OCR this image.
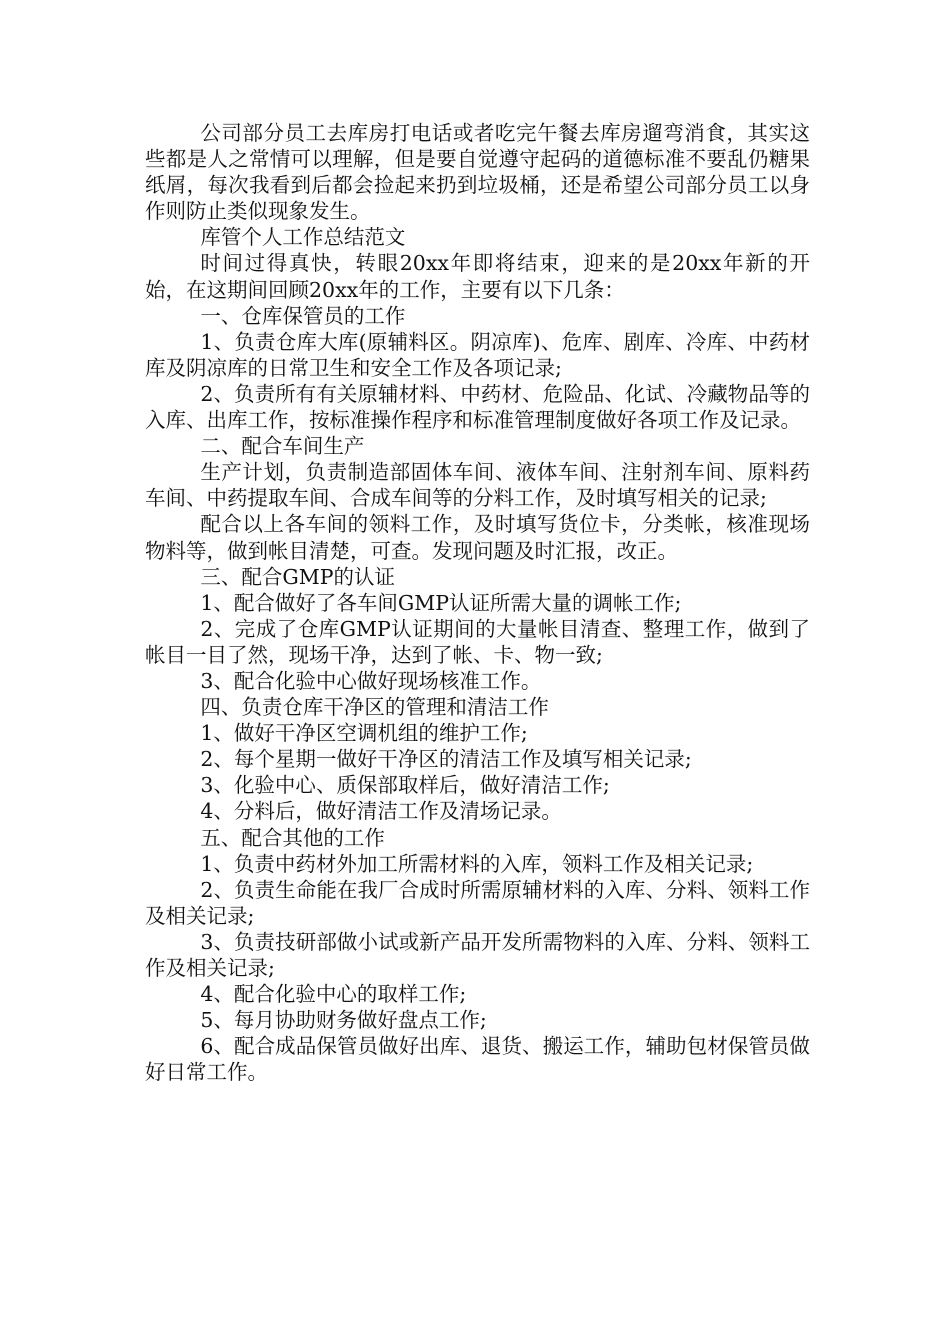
公司部分员工去库房打电话或者吃完午餐去库房遛弯消食，其实这些都是人之常情可以理解，但是要自觉遵守起码的道德标准不要乱仍糖果纸屑，每次我看到后都会捡起来扔到垃圾桶，还是希望公司部分员工以身作则防止类似现象发生。

库管个人工作总结范文

时间过得真快，转眼20xx年即将结束，迎来的是20xx年新的开始，在这期间回顾20xx年的工作，主要有以下几条：

一、仓库保管员的工作

1、负责仓库大库(原辅料区。阴凉库)、危库、剧库、冷库、中药材库及阴凉库的日常卫生和安全工作及各项记录;

2、负责所有有关原辅材料、中药材、危险品、化试、冷藏物品等的入库、出库工作，按标准操作程序和标准管理制度做好各项工作及记录。

二、配合车间生产

生产计划，负责制造部固体车间、液体车间、注射剂车间、原料药车间、中药提取车间、合成车间等的分料工作，及时填写相关的记录;

配合以上各车间的领料工作，及时填写货位卡，分类帐，核准现场物料等，做到帐目清楚，可查。发现问题及时汇报，改正。

三、配合GMP的认证

1、配合做好了各车间GMP认证所需大量的调帐工作;

2、完成了仓库GMP认证期间的大量帐目清查、整理工作，做到了帐目一目了然，现场干净，达到了帐、卡、物一致;

3、配合化验中心做好现场核准工作。

四、负责仓库干净区的管理和清洁工作

1、做好干净区空调机组的维护工作;

2、每个星期一做好干净区的清洁工作及填写相关记录;

3、化验中心、质保部取样后，做好清洁工作;

4、分料后，做好清洁工作及清场记录。

五、配合其他的工作

1、负责中药材外加工所需材料的入库，领料工作及相关记录;

2、负责生命能在我厂合成时所需原辅材料的入库、分料、领料工作及相关记录;

3、负责技研部做小试或新产品开发所需物料的入库、分料、领料工作及相关记录;

4、配合化验中心的取样工作;

5、每月协助财务做好盘点工作;

6、配合成品保管员做好出库、退货、搬运工作，辅助包材保管员做好日常工作。
